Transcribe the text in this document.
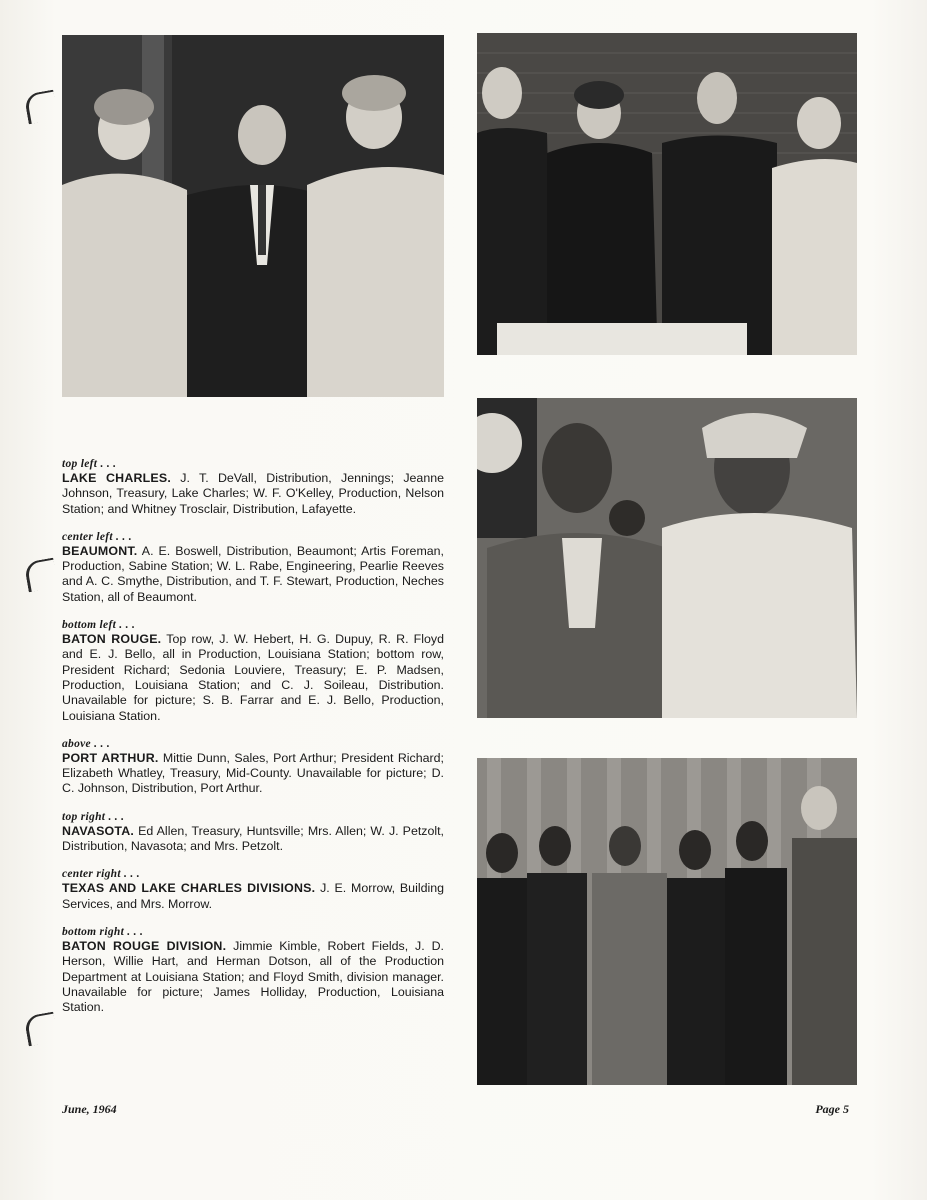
top left . . .
LAKE CHARLES. J. T. DeVall, Distribution, Jennings; Jeanne Johnson, Treasury, Lake Charles; W. F. O'Kelley, Production, Nelson Station; and Whitney Trosclair, Distribution, Lafayette.
center left . . .
BEAUMONT. A. E. Boswell, Distribution, Beaumont; Artis Foreman, Production, Sabine Station; W. L. Rabe, Engineering, Pearlie Reeves and A. C. Smythe, Distribution, and T. F. Stewart, Production, Neches Station, all of Beaumont.
bottom left . . .
BATON ROUGE. Top row, J. W. Hebert, H. G. Dupuy, R. R. Floyd and E. J. Bello, all in Production, Louisiana Station; bottom row, President Richard; Sedonia Louviere, Treasury; E. P. Madsen, Production, Louisiana Station; and C. J. Soileau, Distribution. Unavailable for picture; S. B. Farrar and E. J. Bello, Production, Louisiana Station.
above . . .
PORT ARTHUR. Mittie Dunn, Sales, Port Arthur; President Richard; Elizabeth Whatley, Treasury, Mid-County. Unavailable for picture; D. C. Johnson, Distribution, Port Arthur.
top right . . .
NAVASOTA. Ed Allen, Treasury, Huntsville; Mrs. Allen; W. J. Petzolt, Distribution, Navasota; and Mrs. Petzolt.
center right . . .
TEXAS AND LAKE CHARLES DIVISIONS. J. E. Morrow, Building Services, and Mrs. Morrow.
bottom right . . .
BATON ROUGE DIVISION. Jimmie Kimble, Robert Fields, J. D. Herson, Willie Hart, and Herman Dotson, all of the Production Department at Louisiana Station; and Floyd Smith, division manager. Unavailable for picture; James Holliday, Production, Louisiana Station.
June, 1964	Page 5
